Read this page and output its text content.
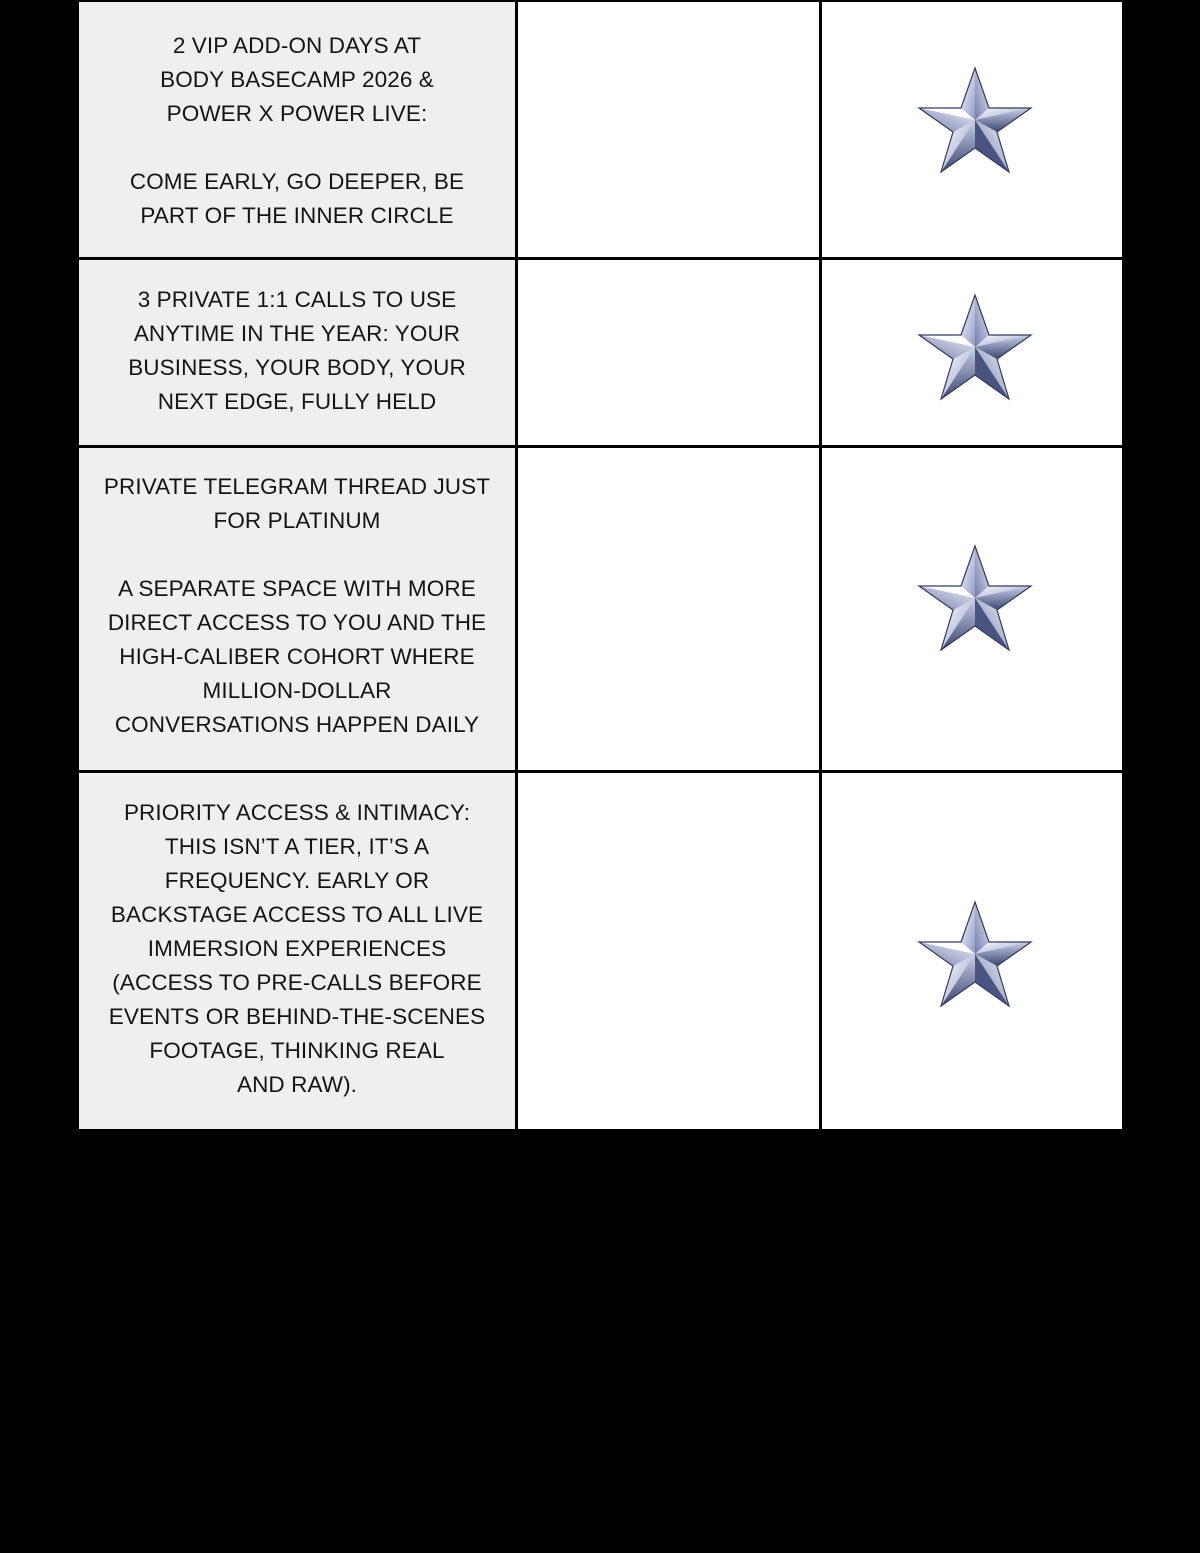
2 VIP ADD-ON DAYS AT

BODY BASECAMP 2026 &

POWER X POWER LIVE:

COME EARLY, GO DEEPER, BE

PART OF THE INNER CIRCLE

3 PRIVATE 1:1 CALLS TO USE

ANYTIME IN THE YEAR: YOUR

BUSINESS, YOUR BODY, YOUR

NEXT EDGE, FULLY HELD

PRIVATE TELEGRAM THREAD JUST

FOR PLATINUM

A SEPARATE SPACE WITH MORE

DIRECT ACCESS TO YOU AND THE

HIGH-CALIBER COHORT WHERE

MILLION-DOLLAR

CONVERSATIONS HAPPEN DAILY

PRIORITY ACCESS & INTIMACY:

THIS ISN’T A TIER, IT’S A

FREQUENCY. EARLY OR

BACKSTAGE ACCESS TO ALL LIVE

IMMERSION EXPERIENCES

(ACCESS TO PRE-CALLS BEFORE

EVENTS OR BEHIND-THE-SCENES

FOOTAGE, THINKING REAL

AND RAW).
